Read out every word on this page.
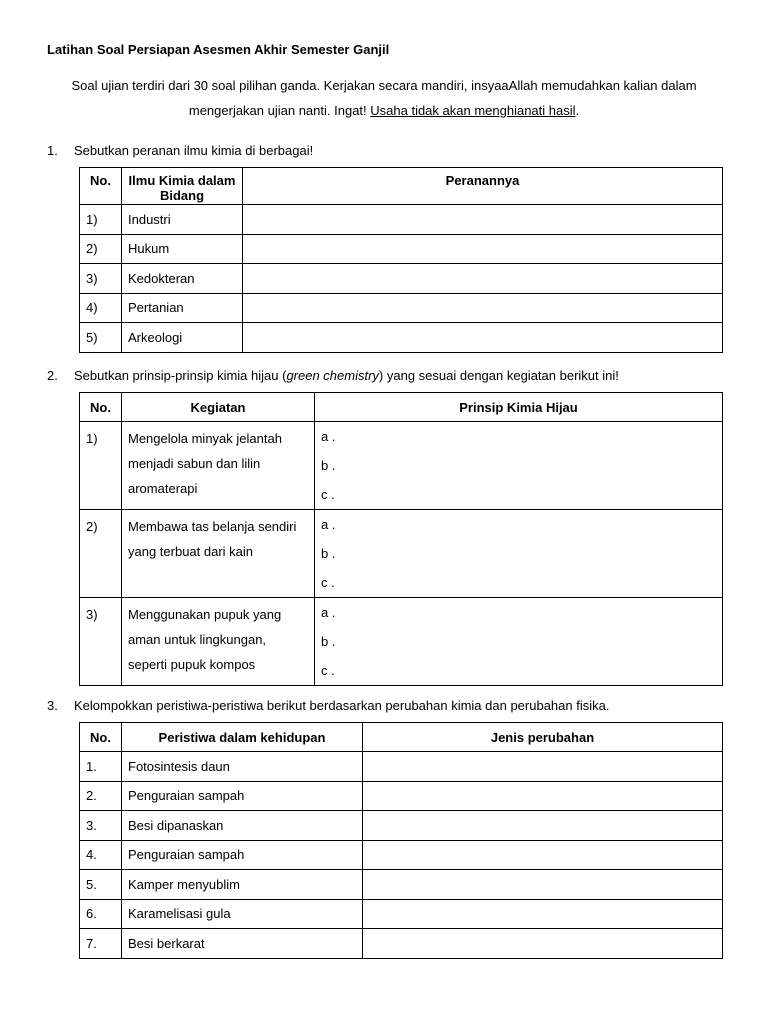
Latihan Soal Persiapan Asesmen Akhir Semester Ganjil
Soal ujian terdiri dari 30 soal pilihan ganda. Kerjakan secara mandiri, insyaaAllah memudahkan kalian dalam
mengerjakan ujian nanti. Ingat! Usaha tidak akan menghianati hasil.
1. Sebutkan peranan ilmu kimia di berbagai!
No.	Ilmu Kimia dalam Bidang	Peranannya
1)	Industri	
2)	Hukum	
3)	Kedokteran	
4)	Pertanian	
5)	Arkeologi	
2. Sebutkan prinsip-prinsip kimia hijau (green chemistry) yang sesuai dengan kegiatan berikut ini!
No.	Kegiatan	Prinsip Kimia Hijau
1)	Mengelola minyak jelantah menjadi sabun dan lilin aromaterapi	a .
b .
c .

2)	Membawa tas belanja sendiri yang terbuat dari kain	a .
b .
c .

3)	Menggunakan pupuk yang aman untuk lingkungan, seperti pupuk kompos	a .
b .
c .
3. Kelompokkan peristiwa-peristiwa berikut berdasarkan perubahan kimia dan perubahan fisika.
No.	Peristiwa dalam kehidupan	Jenis perubahan
1.	Fotosintesis daun	
2.	Penguraian sampah	
3.	Besi dipanaskan	
4.	Penguraian sampah	
5.	Kamper menyublim	
6.	Karamelisasi gula	
7.	Besi berkarat	
